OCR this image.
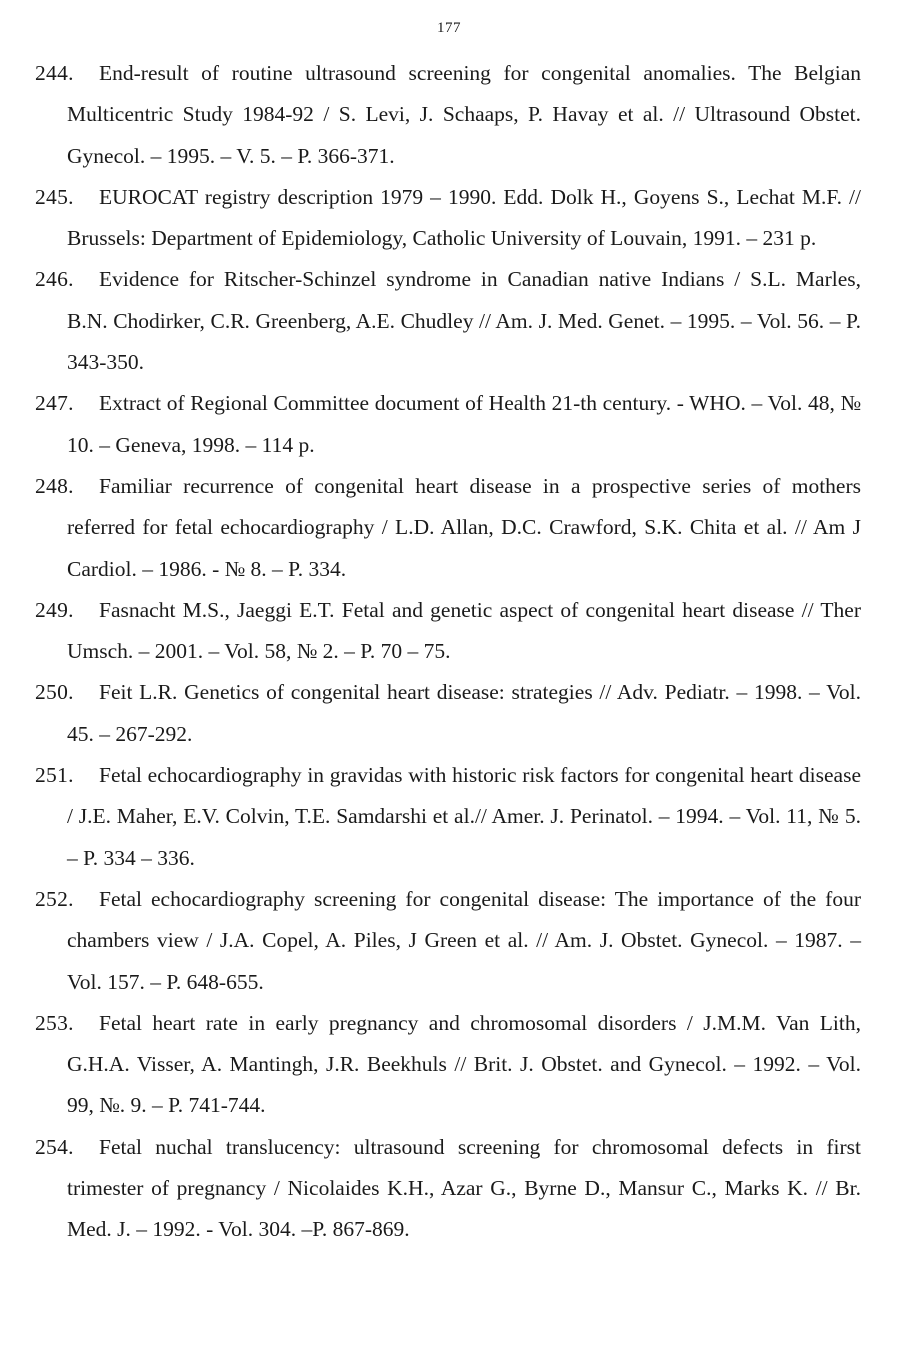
177
244.	End-result of routine ultrasound screening for congenital anomalies. The Belgian Multicentric Study 1984-92 / S. Levi, J. Schaaps, P. Havay et al. // Ultrasound Obstet. Gynecol. – 1995. – V. 5. – P. 366-371.
245.	EUROCAT registry description 1979 – 1990. Edd. Dolk H., Goyens S., Lechat M.F. // Brussels: Department of Epidemiology, Catholic University of Louvain, 1991. – 231 p.
246.	Evidence for Ritscher-Schinzel syndrome in Canadian native Indians / S.L. Marles, B.N. Chodirker, C.R. Greenberg, A.E. Chudley // Am. J. Med. Genet. – 1995. – Vol. 56. – P. 343-350.
247.	Extract of Regional Committee document of Health 21-th century. - WHO. – Vol. 48, № 10. – Geneva, 1998. – 114 p.
248.	Familiar recurrence of congenital heart disease in a prospective series of mothers referred for fetal echocardiography / L.D. Allan, D.C. Crawford, S.K. Chita et al. // Am J Cardiol. – 1986. - № 8. – P. 334.
249.	Fasnacht M.S., Jaeggi E.T. Fetal and genetic aspect of congenital heart disease // Ther Umsch. – 2001. – Vol. 58, № 2. – P. 70 – 75.
250.	Feit L.R. Genetics of congenital heart disease: strategies // Adv. Pediatr. – 1998. – Vol. 45. – 267-292.
251.	Fetal echocardiography in gravidas with historic risk factors for congenital heart disease / J.E. Maher, E.V. Colvin, T.E. Samdarshi et al.// Amer. J. Perinatol. – 1994. – Vol. 11, № 5. – P. 334 – 336.
252.	Fetal echocardiography screening for congenital disease: The importance of the four chambers view / J.A. Copel, A. Piles, J Green et al. // Am. J. Obstet. Gynecol. – 1987. – Vol. 157. – P. 648-655.
253.	Fetal heart rate in early pregnancy and chromosomal disorders / J.M.M. Van Lith, G.H.A. Visser, A. Mantingh, J.R. Beekhuls // Brit. J. Obstet. and Gynecol. – 1992. – Vol. 99, №. 9. – P. 741-744.
254.	Fetal nuchal translucency: ultrasound screening for chromosomal defects in first trimester of pregnancy / Nicolaides K.H., Azar G., Byrne D., Mansur C., Marks K. // Br. Med. J. – 1992. - Vol. 304. –P. 867-869.
